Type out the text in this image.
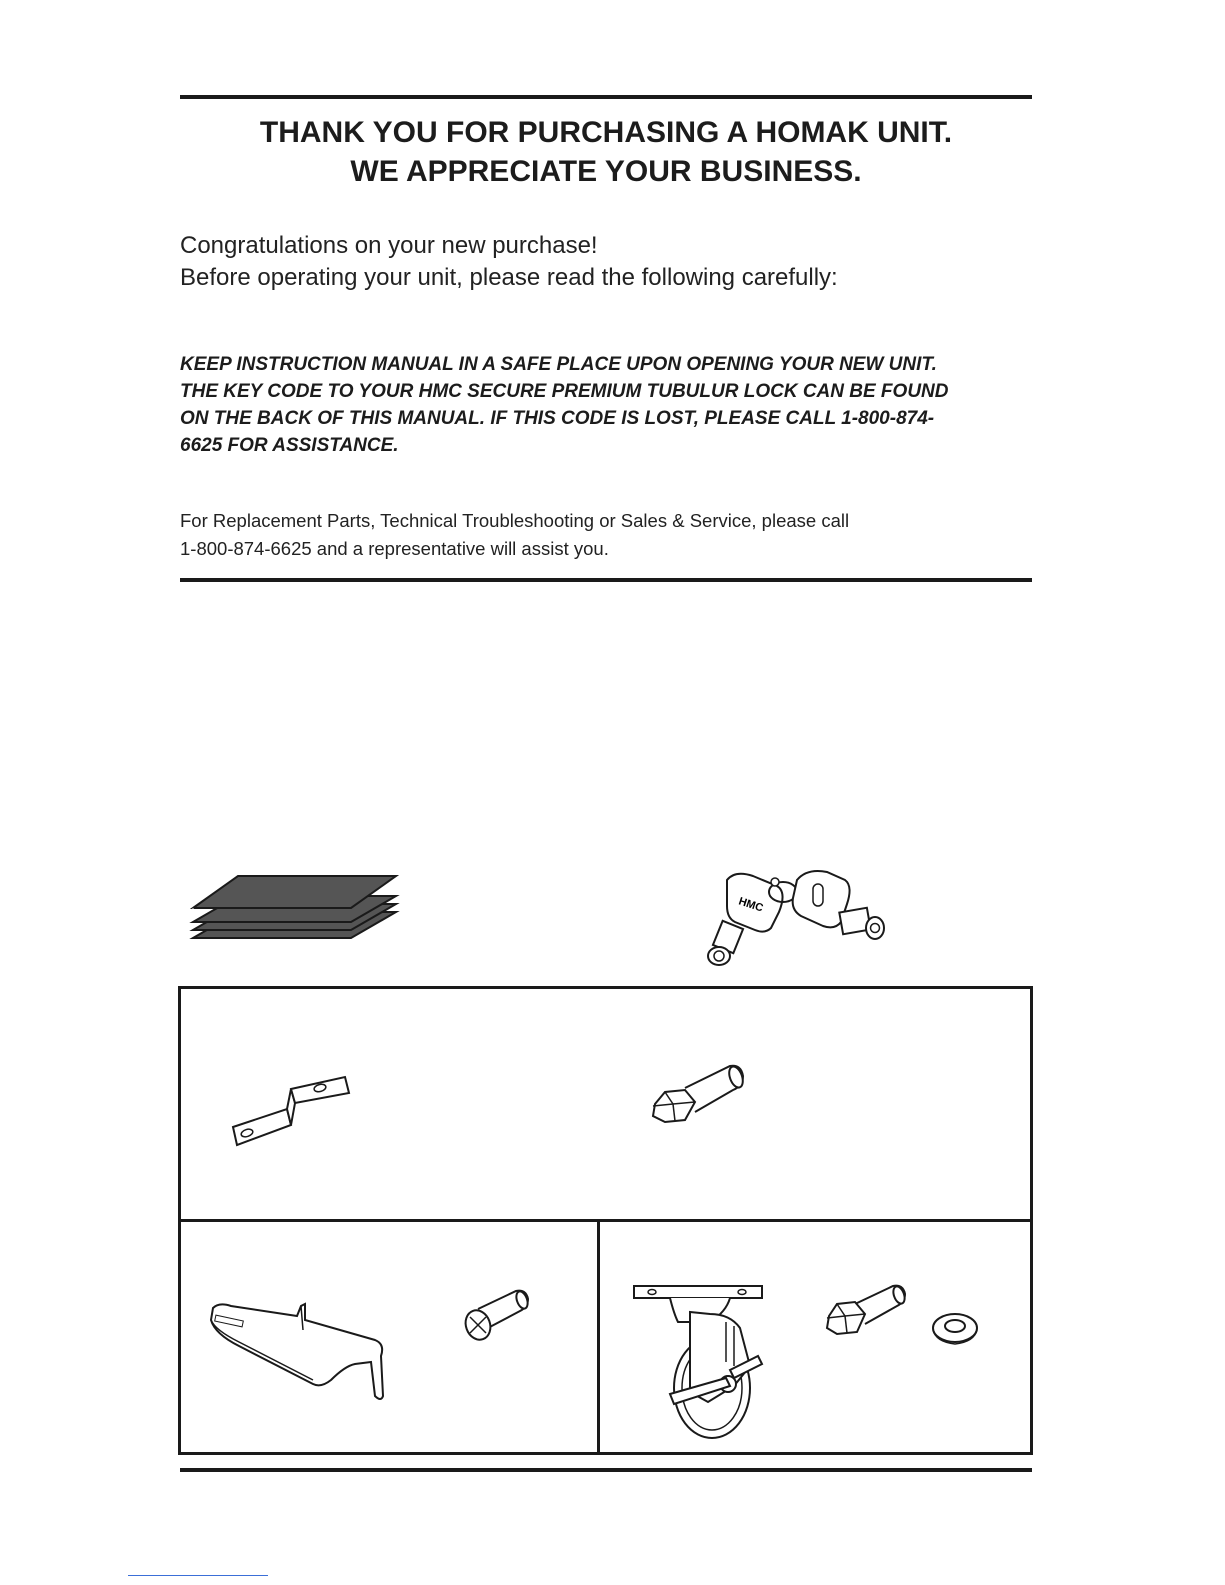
THANK YOU FOR PURCHASING A HOMAK UNIT.
WE APPRECIATE YOUR BUSINESS.
Congratulations on your new purchase!
Before operating your unit, please read the following carefully:
KEEP INSTRUCTION MANUAL IN A SAFE PLACE UPON OPENING YOUR NEW UNIT.
THE KEY CODE TO YOUR HMC SECURE PREMIUM TUBULUR LOCK CAN BE FOUND
ON THE BACK OF THIS MANUAL. IF THIS CODE IS LOST, PLEASE CALL 1-800-874-
6625 FOR ASSISTANCE.
For Replacement Parts, Technical Troubleshooting or Sales & Service, please call
1-800-874-6625 and a representative will assist you.
HMC
